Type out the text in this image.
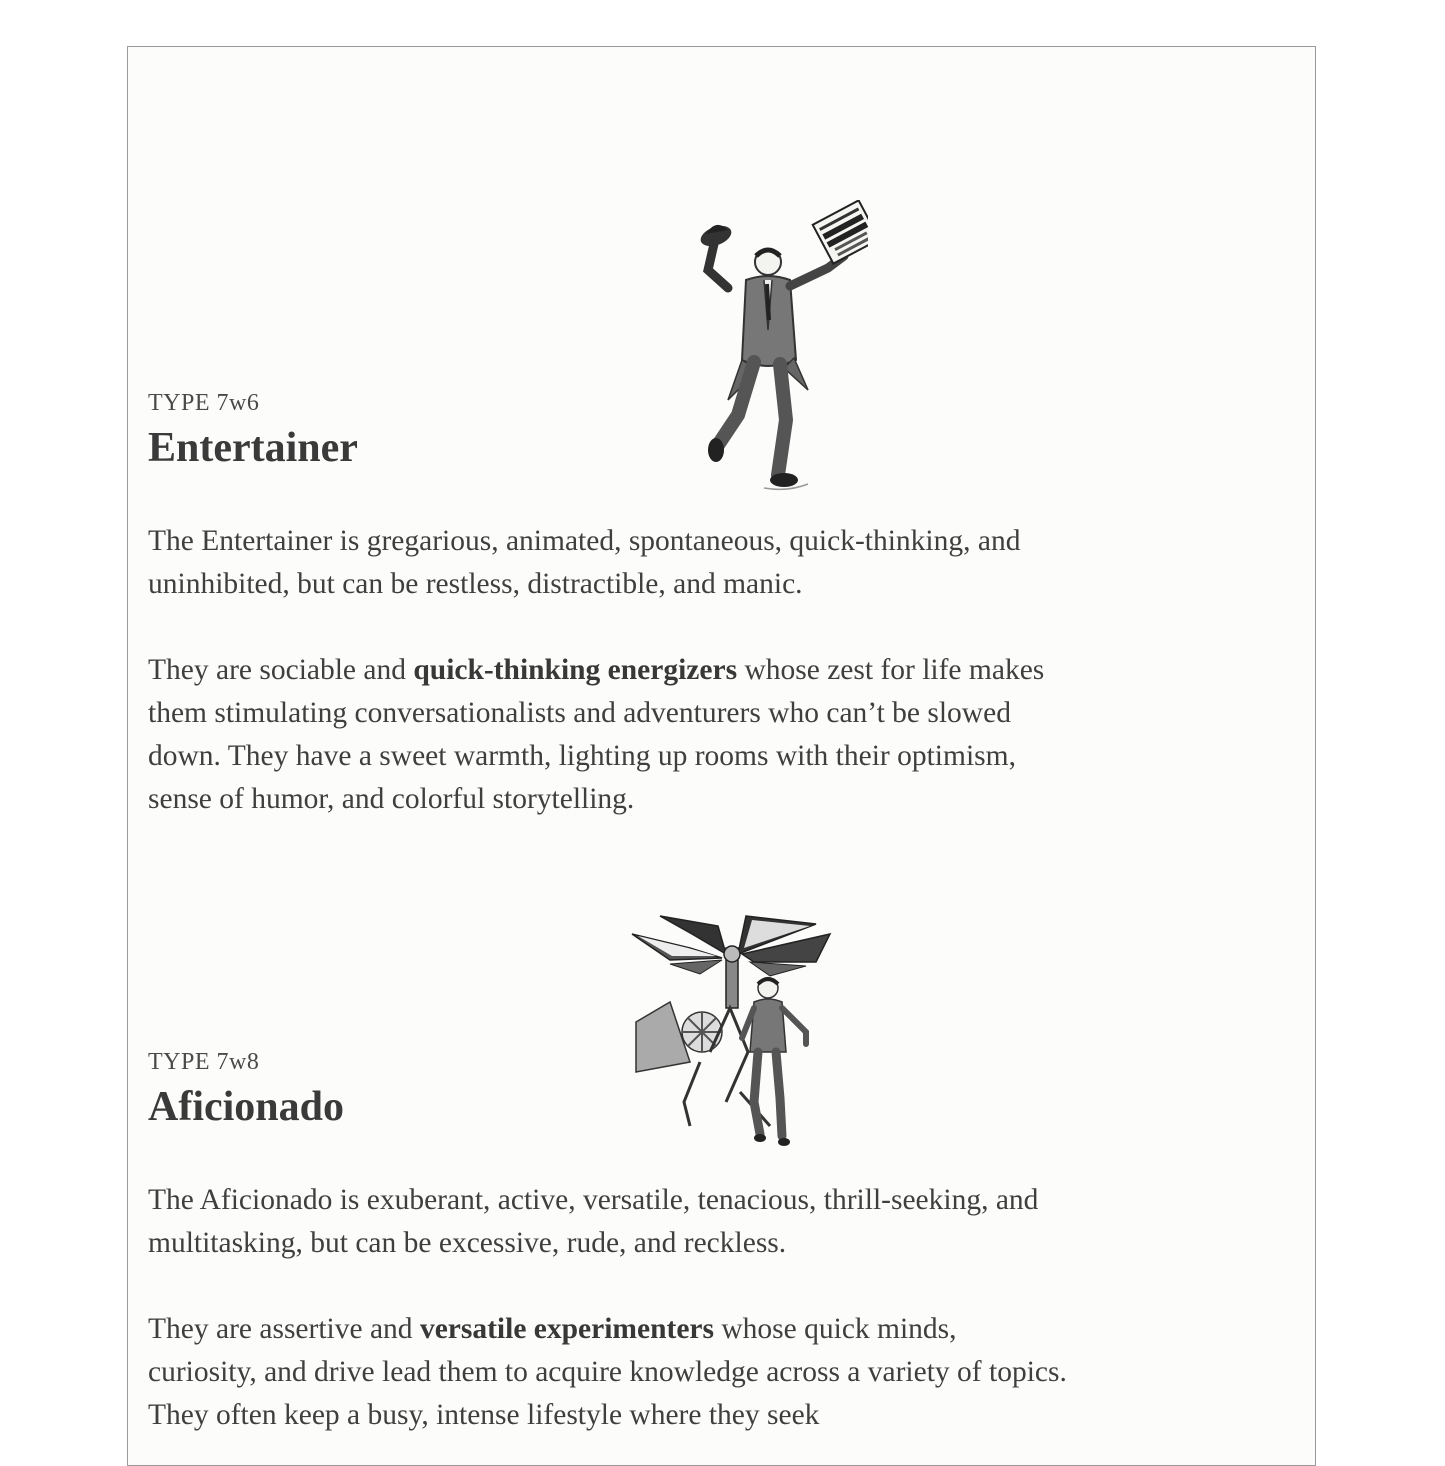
TYPE 7w6
Entertainer

The Entertainer is gregarious, animated, spontaneous, quick-thinking, and uninhibited, but can be restless, distractible, and manic.

They are sociable and quick-thinking energizers whose zest for life makes them stimulating conversationalists and adventurers who can’t be slowed down. They have a sweet warmth, lighting up rooms with their optimism, sense of humor, and colorful storytelling.

TYPE 7w8
Aficionado

The Aficionado is exuberant, active, versatile, tenacious, thrill-seeking, and multitasking, but can be excessive, rude, and reckless.

They are assertive and versatile experimenters whose quick minds, curiosity, and drive lead them to acquire knowledge across a variety of topics. They often keep a busy, intense lifestyle where they seek
